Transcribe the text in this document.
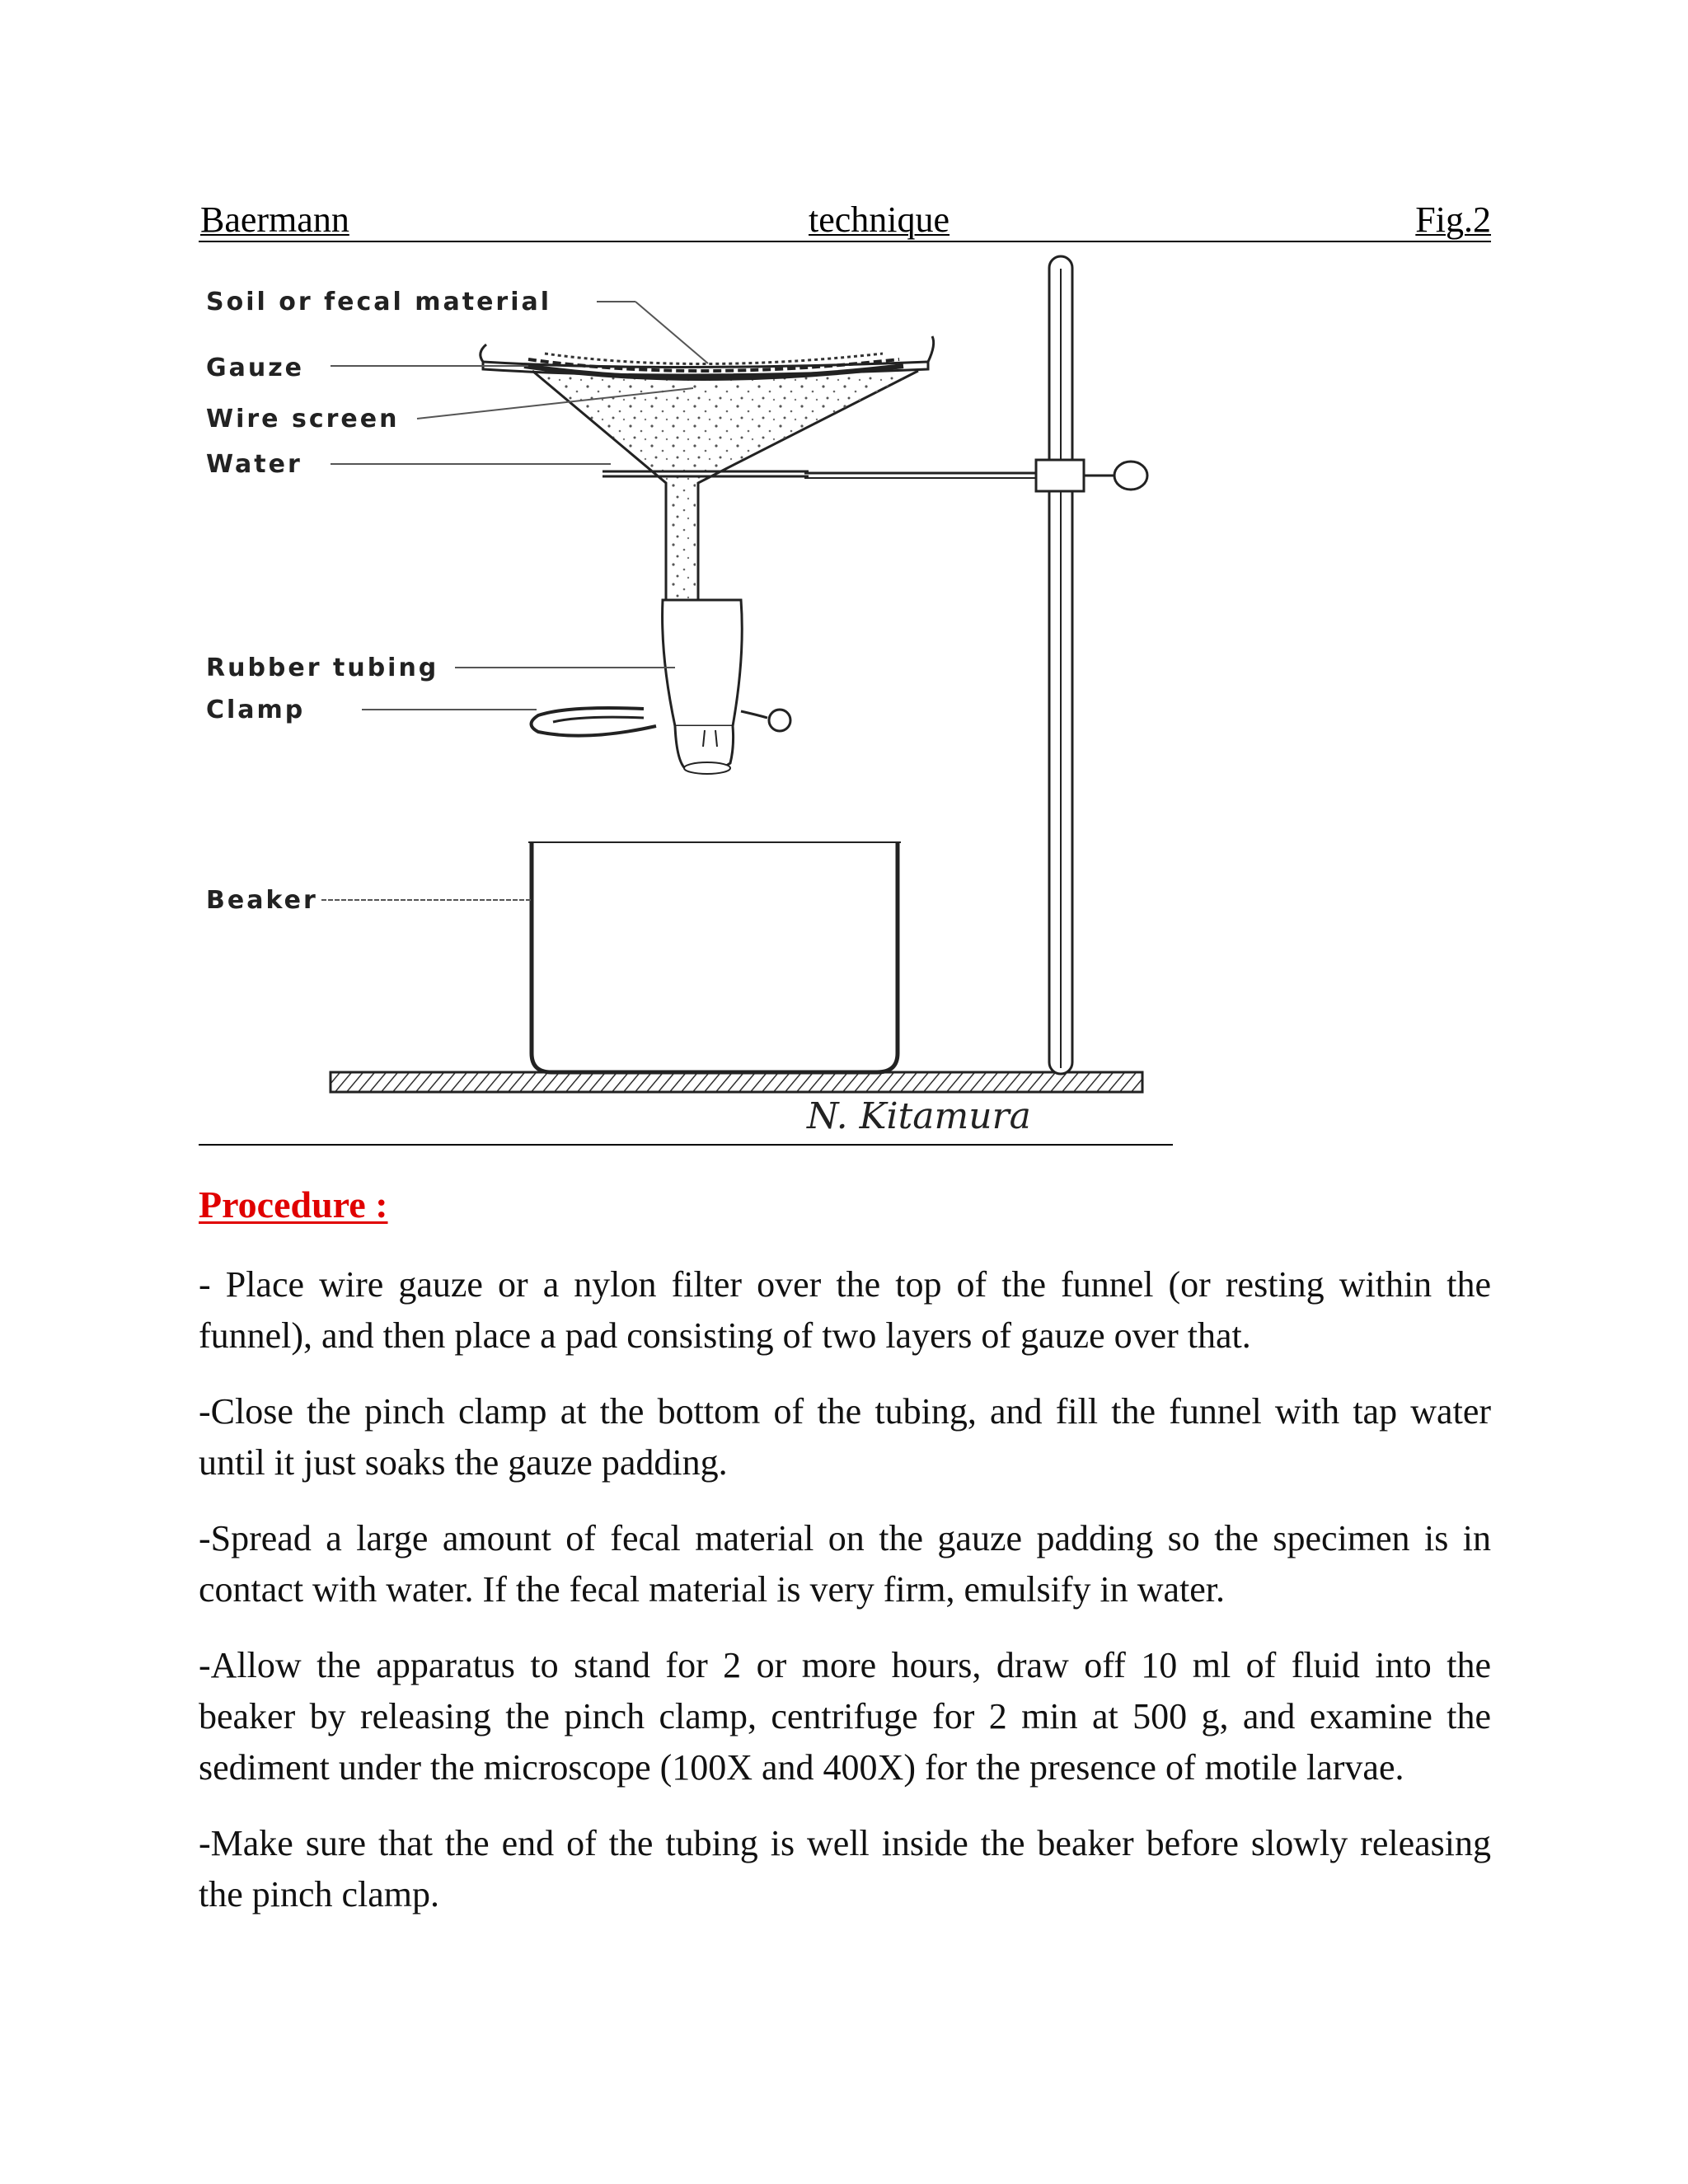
Baermann	technique	Fig.2
Soil or fecal material
Gauze
Wire screen
Water
Rubber tubing
Clamp
Beaker
N. Kitamura
Procedure :

- Place wire gauze or a nylon filter over the top of the funnel (or resting within the funnel), and then place a pad consisting of two layers of gauze over that.

-Close the pinch clamp at the bottom of the tubing, and fill the funnel with tap water until it just soaks the gauze padding.

-Spread a large amount of fecal material on the gauze padding so the specimen is in contact with water. If the fecal material is very firm, emulsify in water.

-Allow the apparatus to stand for 2 or more hours, draw off 10 ml of fluid into the beaker by releasing the pinch clamp, centrifuge for 2 min at 500 g, and examine the sediment under the microscope (100X and 400X) for the presence of motile larvae.

-Make sure that the end of the tubing is well inside the beaker before slowly releasing the pinch clamp.
